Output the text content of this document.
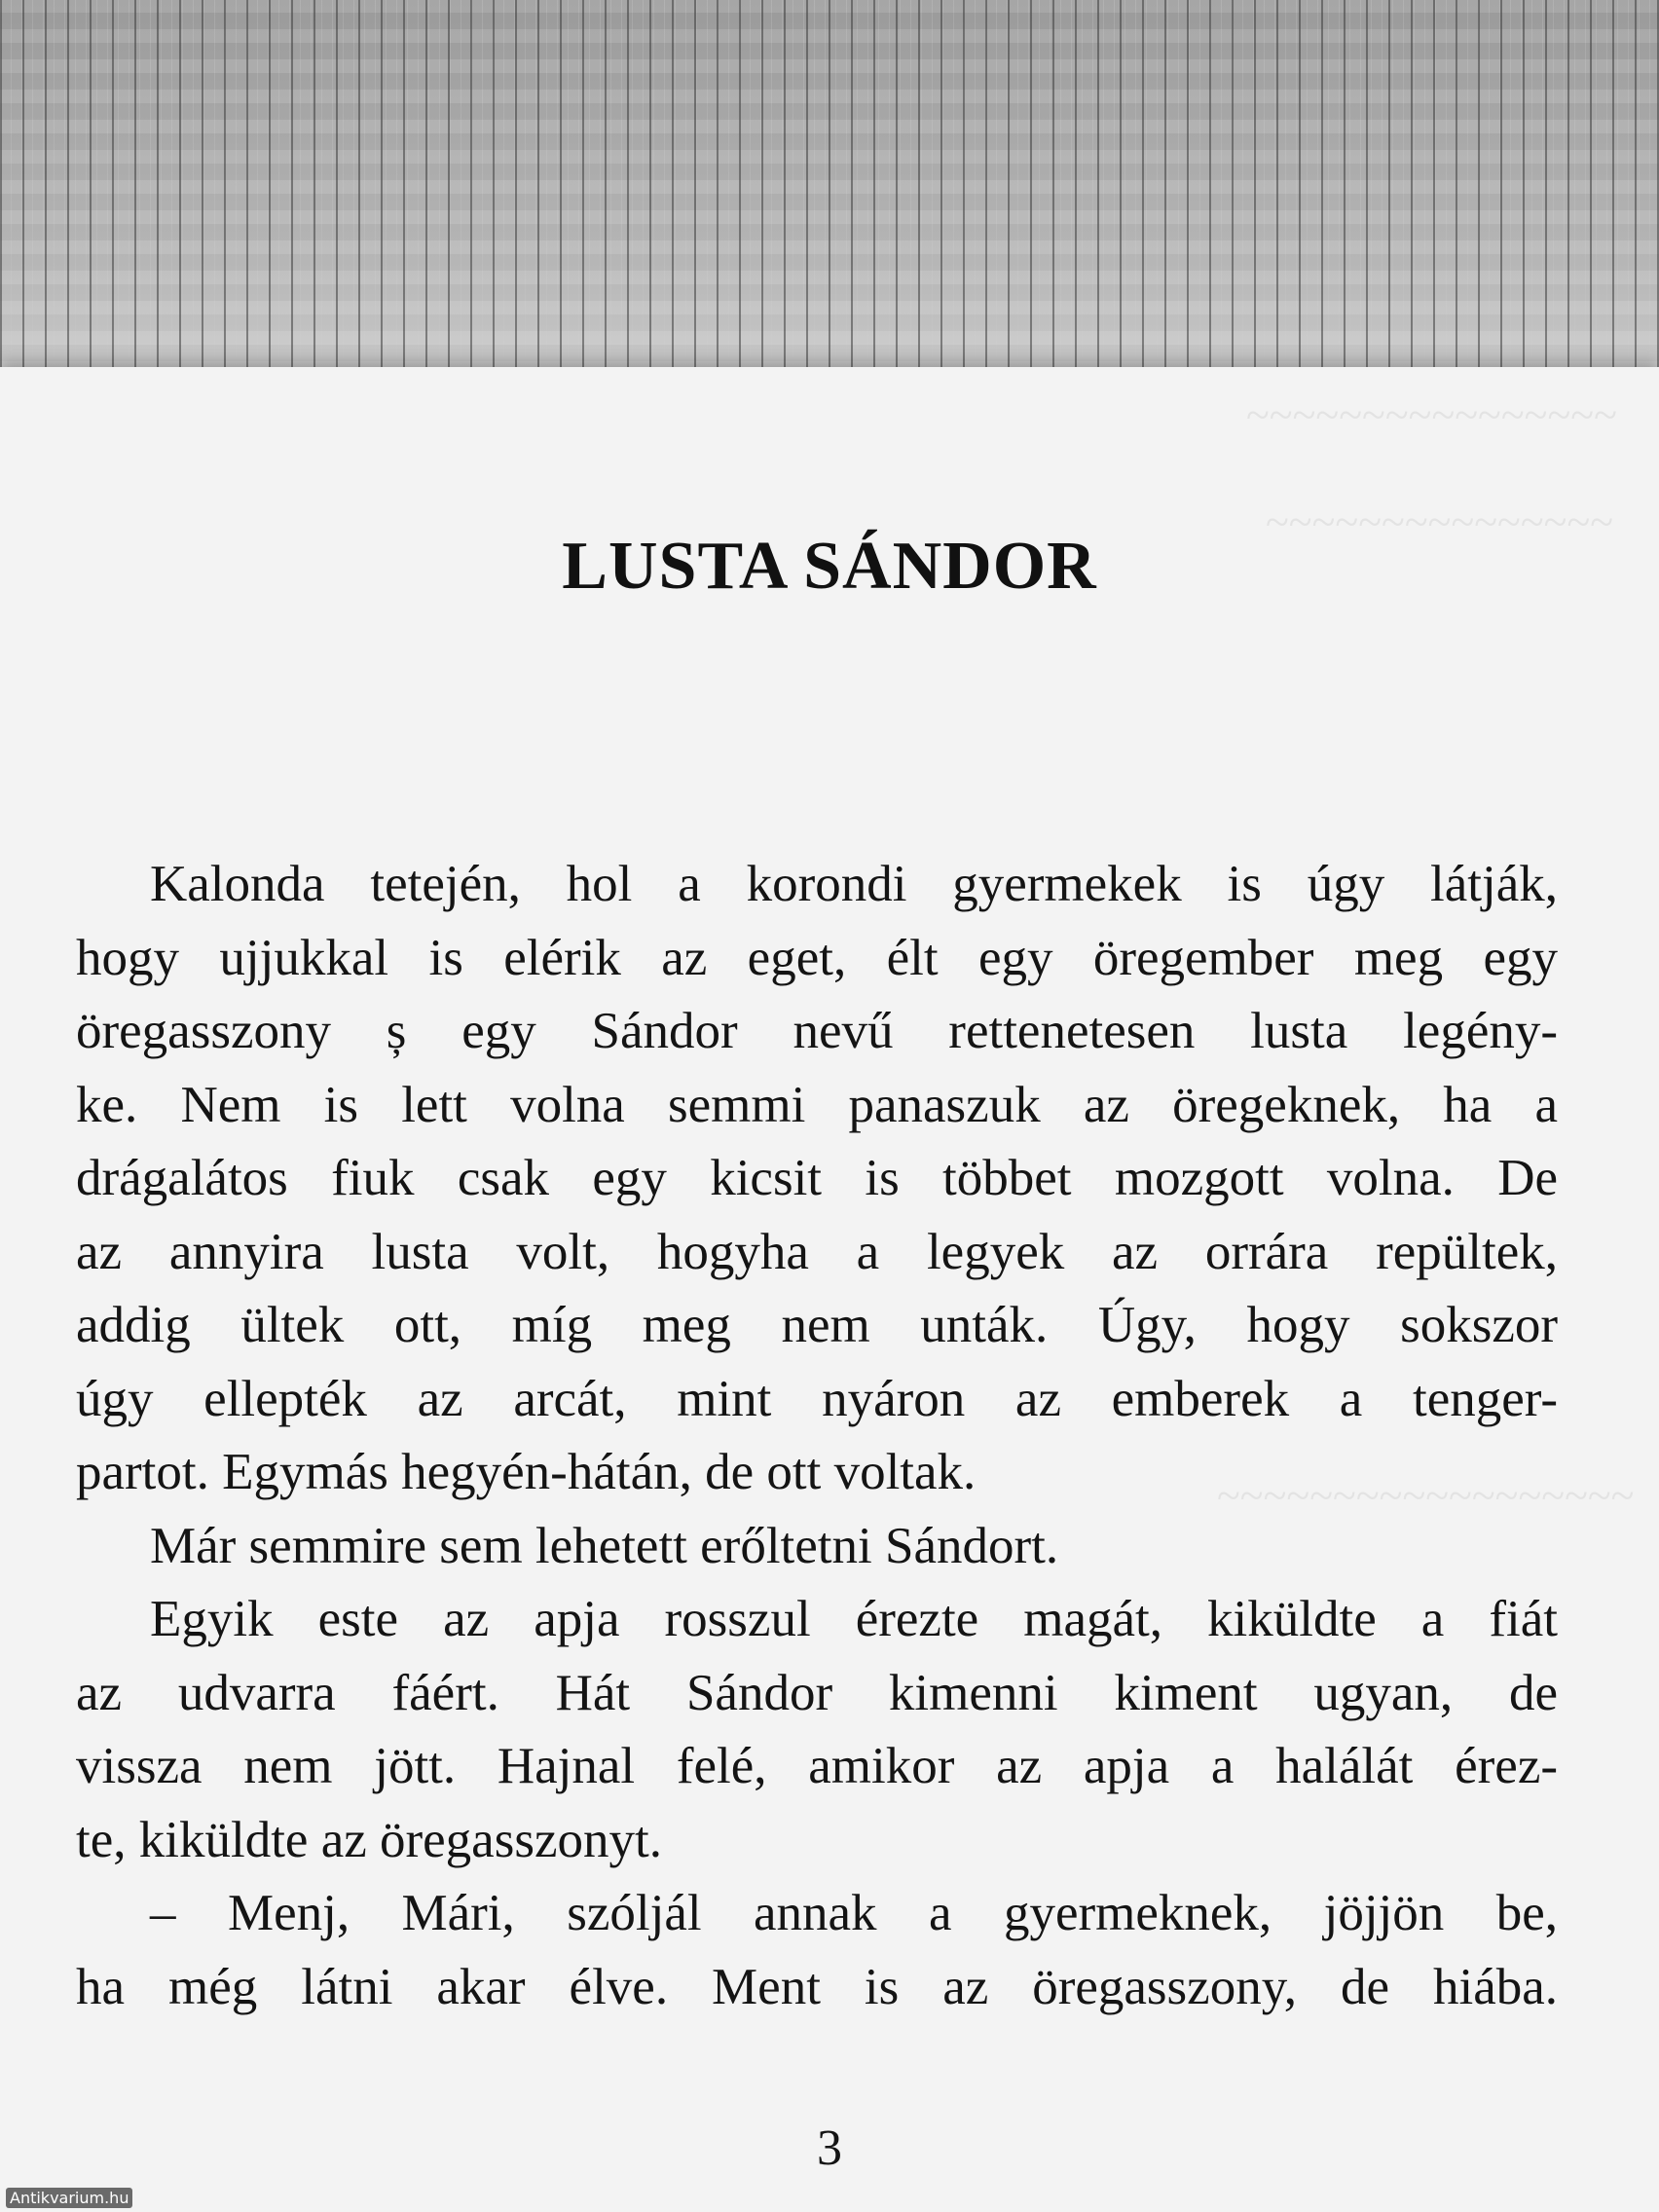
~~~~~~~~~~~~~~~~
~~~~~~~~~~~~~~~
~~~~~~~~~~~~~~~~~~
LUSTA SÁNDOR

Kalonda tetején, hol a korondi gyermekek is úgy látják,
hogy ujjukkal is elérik az eget, élt egy öregember meg egy
öregasszony ș egy Sándor nevű rettenetesen lusta legény-
ke. Nem is lett volna semmi panaszuk az öregeknek, ha a
drágalátos fiuk csak egy kicsit is többet mozgott volna. De
az annyira lusta volt, hogyha a legyek az orrára repültek,
addig ültek ott, míg meg nem unták. Úgy, hogy sokszor
úgy ellepték az arcát, mint nyáron az emberek a tenger-
partot. Egymás hegyén-hátán, de ott voltak.

Már semmire sem lehetett erőltetni Sándort.

Egyik este az apja rosszul érezte magát, kiküldte a fiát
az udvarra fáért. Hát Sándor kimenni kiment ugyan, de
vissza nem jött. Hajnal felé, amikor az apja a halálát érez-
te, kiküldte az öregasszonyt.

– Menj, Mári, szóljál annak a gyermeknek, jöjjön be,
ha még látni akar élve. Ment is az öregasszony, de hiába.

3
Antikvarium.hu
